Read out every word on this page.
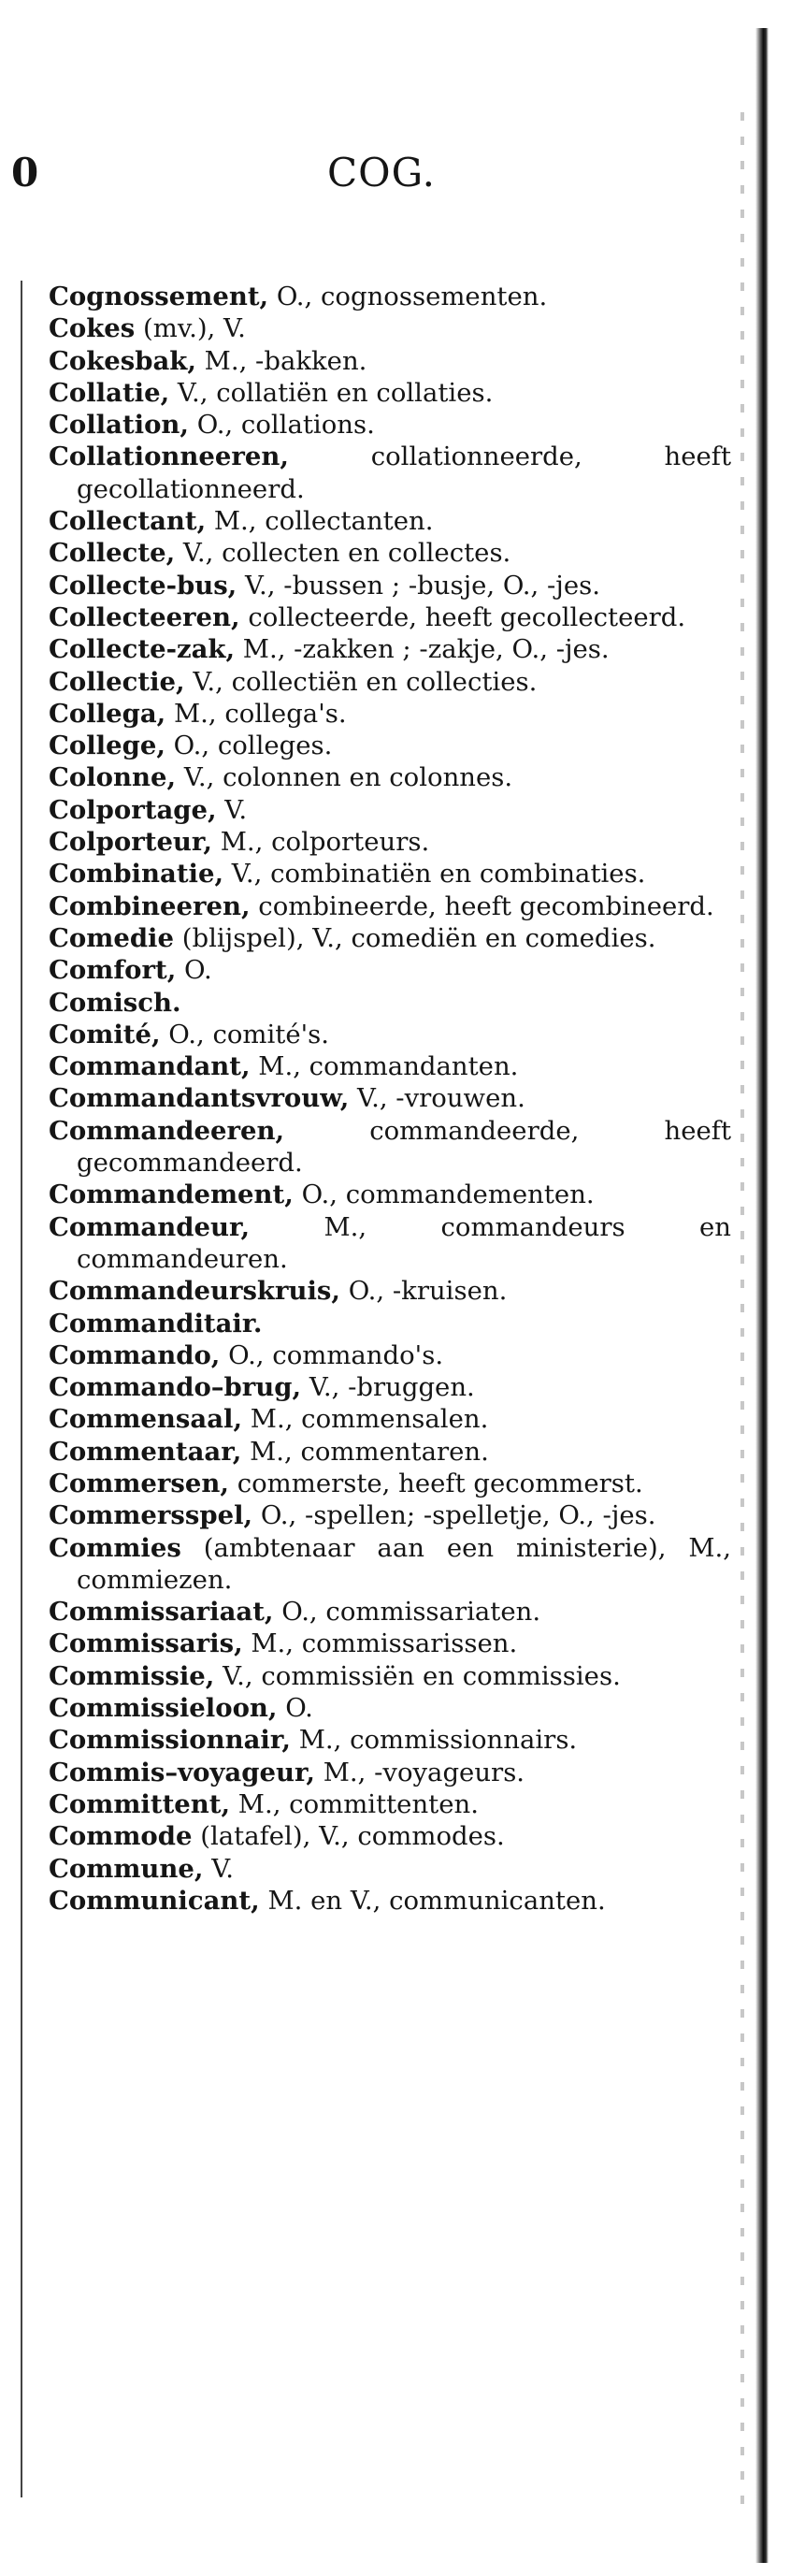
0	COG.
Cognossement, O., cognossementen.
Cokes (mv.), V.
Cokesbak, M., -bakken.
Collatie, V., collatiën en collaties.
Collation, O., collations.
Collationneeren, collationneerde, heeft gecollationneerd.
Collectant, M., collectanten.
Collecte, V., collecten en collectes.
Collecte-bus, V., -bussen ; -busje, O., -jes.
Collecteeren, collecteerde, heeft gecollecteerd.
Collecte-zak, M., -zakken ; -zakje, O., -jes.
Collectie, V., collectiën en collecties.
Collega, M., collega's.
College, O., colleges.
Colonne, V., colonnen en colonnes.
Colportage, V.
Colporteur, M., colporteurs.
Combinatie, V., combinatiën en combinaties.
Combineeren, combineerde, heeft gecombineerd.
Comedie (blijspel), V., comediën en comedies.
Comfort, O.
Comisch.
Comité, O., comité's.
Commandant, M., commandanten.
Commandantsvrouw, V., -vrouwen.
Commandeeren, commandeerde, heeft gecommandeerd.
Commandement, O., commandementen.
Commandeur, M., commandeurs en commandeuren.
Commandeurskruis, O., -kruisen.
Commanditair.
Commando, O., commando's.
Commando–brug, V., -bruggen.
Commensaal, M., commensalen.
Commentaar, M., commentaren.
Commersen, commerste, heeft gecommerst.
Commersspel, O., -spellen; -spelletje, O., -jes.
Commies (ambtenaar aan een ministerie), M., commiezen.
Commissariaat, O., commissariaten.
Commissaris, M., commissarissen.
Commissie, V., commissiën en commissies.
Commissieloon, O.
Commissionnair, M., commissionnairs.
Commis–voyageur, M., -voyageurs.
Committent, M., committenten.
Commode (latafel), V., commodes.
Commune, V.
Communicant, M. en V., communicanten.
